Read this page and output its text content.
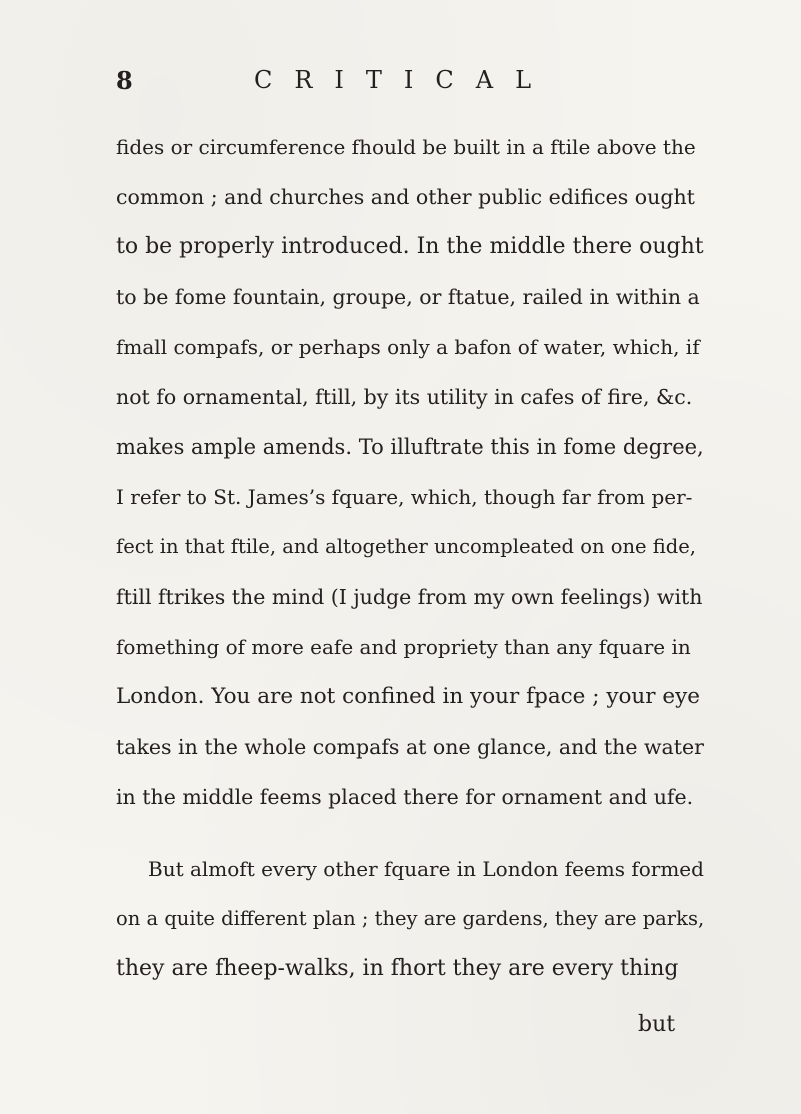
8	CRITICAL
fides or circumference fhould be built in a ftile above the
common ; and churches and other public edifices ought
to be properly introduced. In the middle there ought
to be fome fountain, groupe, or ftatue, railed in within a
fmall compafs, or perhaps only a bafon of water, which, if
not fo ornamental, ftill, by its utility in cafes of fire, &c.
makes ample amends. To illuftrate this in fome degree,
I refer to St. James’s fquare, which, though far from per-
fect in that ftile, and altogether uncompleated on one fide,
ftill ftrikes the mind (I judge from my own feelings) with
fomething of more eafe and propriety than any fquare in
London. You are not confined in your fpace ; your eye
takes in the whole compafs at one glance, and the water
in the middle feems placed there for ornament and ufe.
But almoft every other fquare in London feems formed
on a quite different plan ; they are gardens, they are parks,
they are fheep-walks, in fhort they are every thing
but
